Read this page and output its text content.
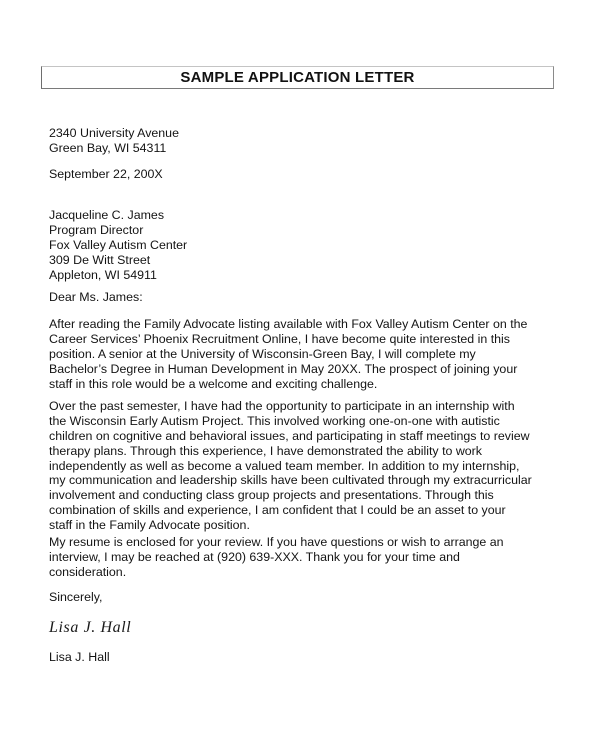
SAMPLE APPLICATION LETTER
2340 University Avenue
Green Bay, WI 54311
September 22, 200X
Jacqueline C. James
Program Director
Fox Valley Autism Center
309 De Witt Street
Appleton, WI 54911
Dear Ms. James:
After reading the Family Advocate listing available with Fox Valley Autism Center on the
Career Services’ Phoenix Recruitment Online, I have become quite interested in this
position. A senior at the University of Wisconsin-Green Bay, I will complete my
Bachelor’s Degree in Human Development in May 20XX. The prospect of joining your
staff in this role would be a welcome and exciting challenge.
Over the past semester, I have had the opportunity to participate in an internship with
the Wisconsin Early Autism Project. This involved working one-on-one with autistic
children on cognitive and behavioral issues, and participating in staff meetings to review
therapy plans. Through this experience, I have demonstrated the ability to work
independently as well as become a valued team member. In addition to my internship,
my communication and leadership skills have been cultivated through my extracurricular
involvement and conducting class group projects and presentations. Through this
combination of skills and experience, I am confident that I could be an asset to your
staff in the Family Advocate position.
My resume is enclosed for your review. If you have questions or wish to arrange an
interview, I may be reached at (920) 639-XXX. Thank you for your time and
consideration.
Sincerely,
Lisa J. Hall
Lisa J. Hall
